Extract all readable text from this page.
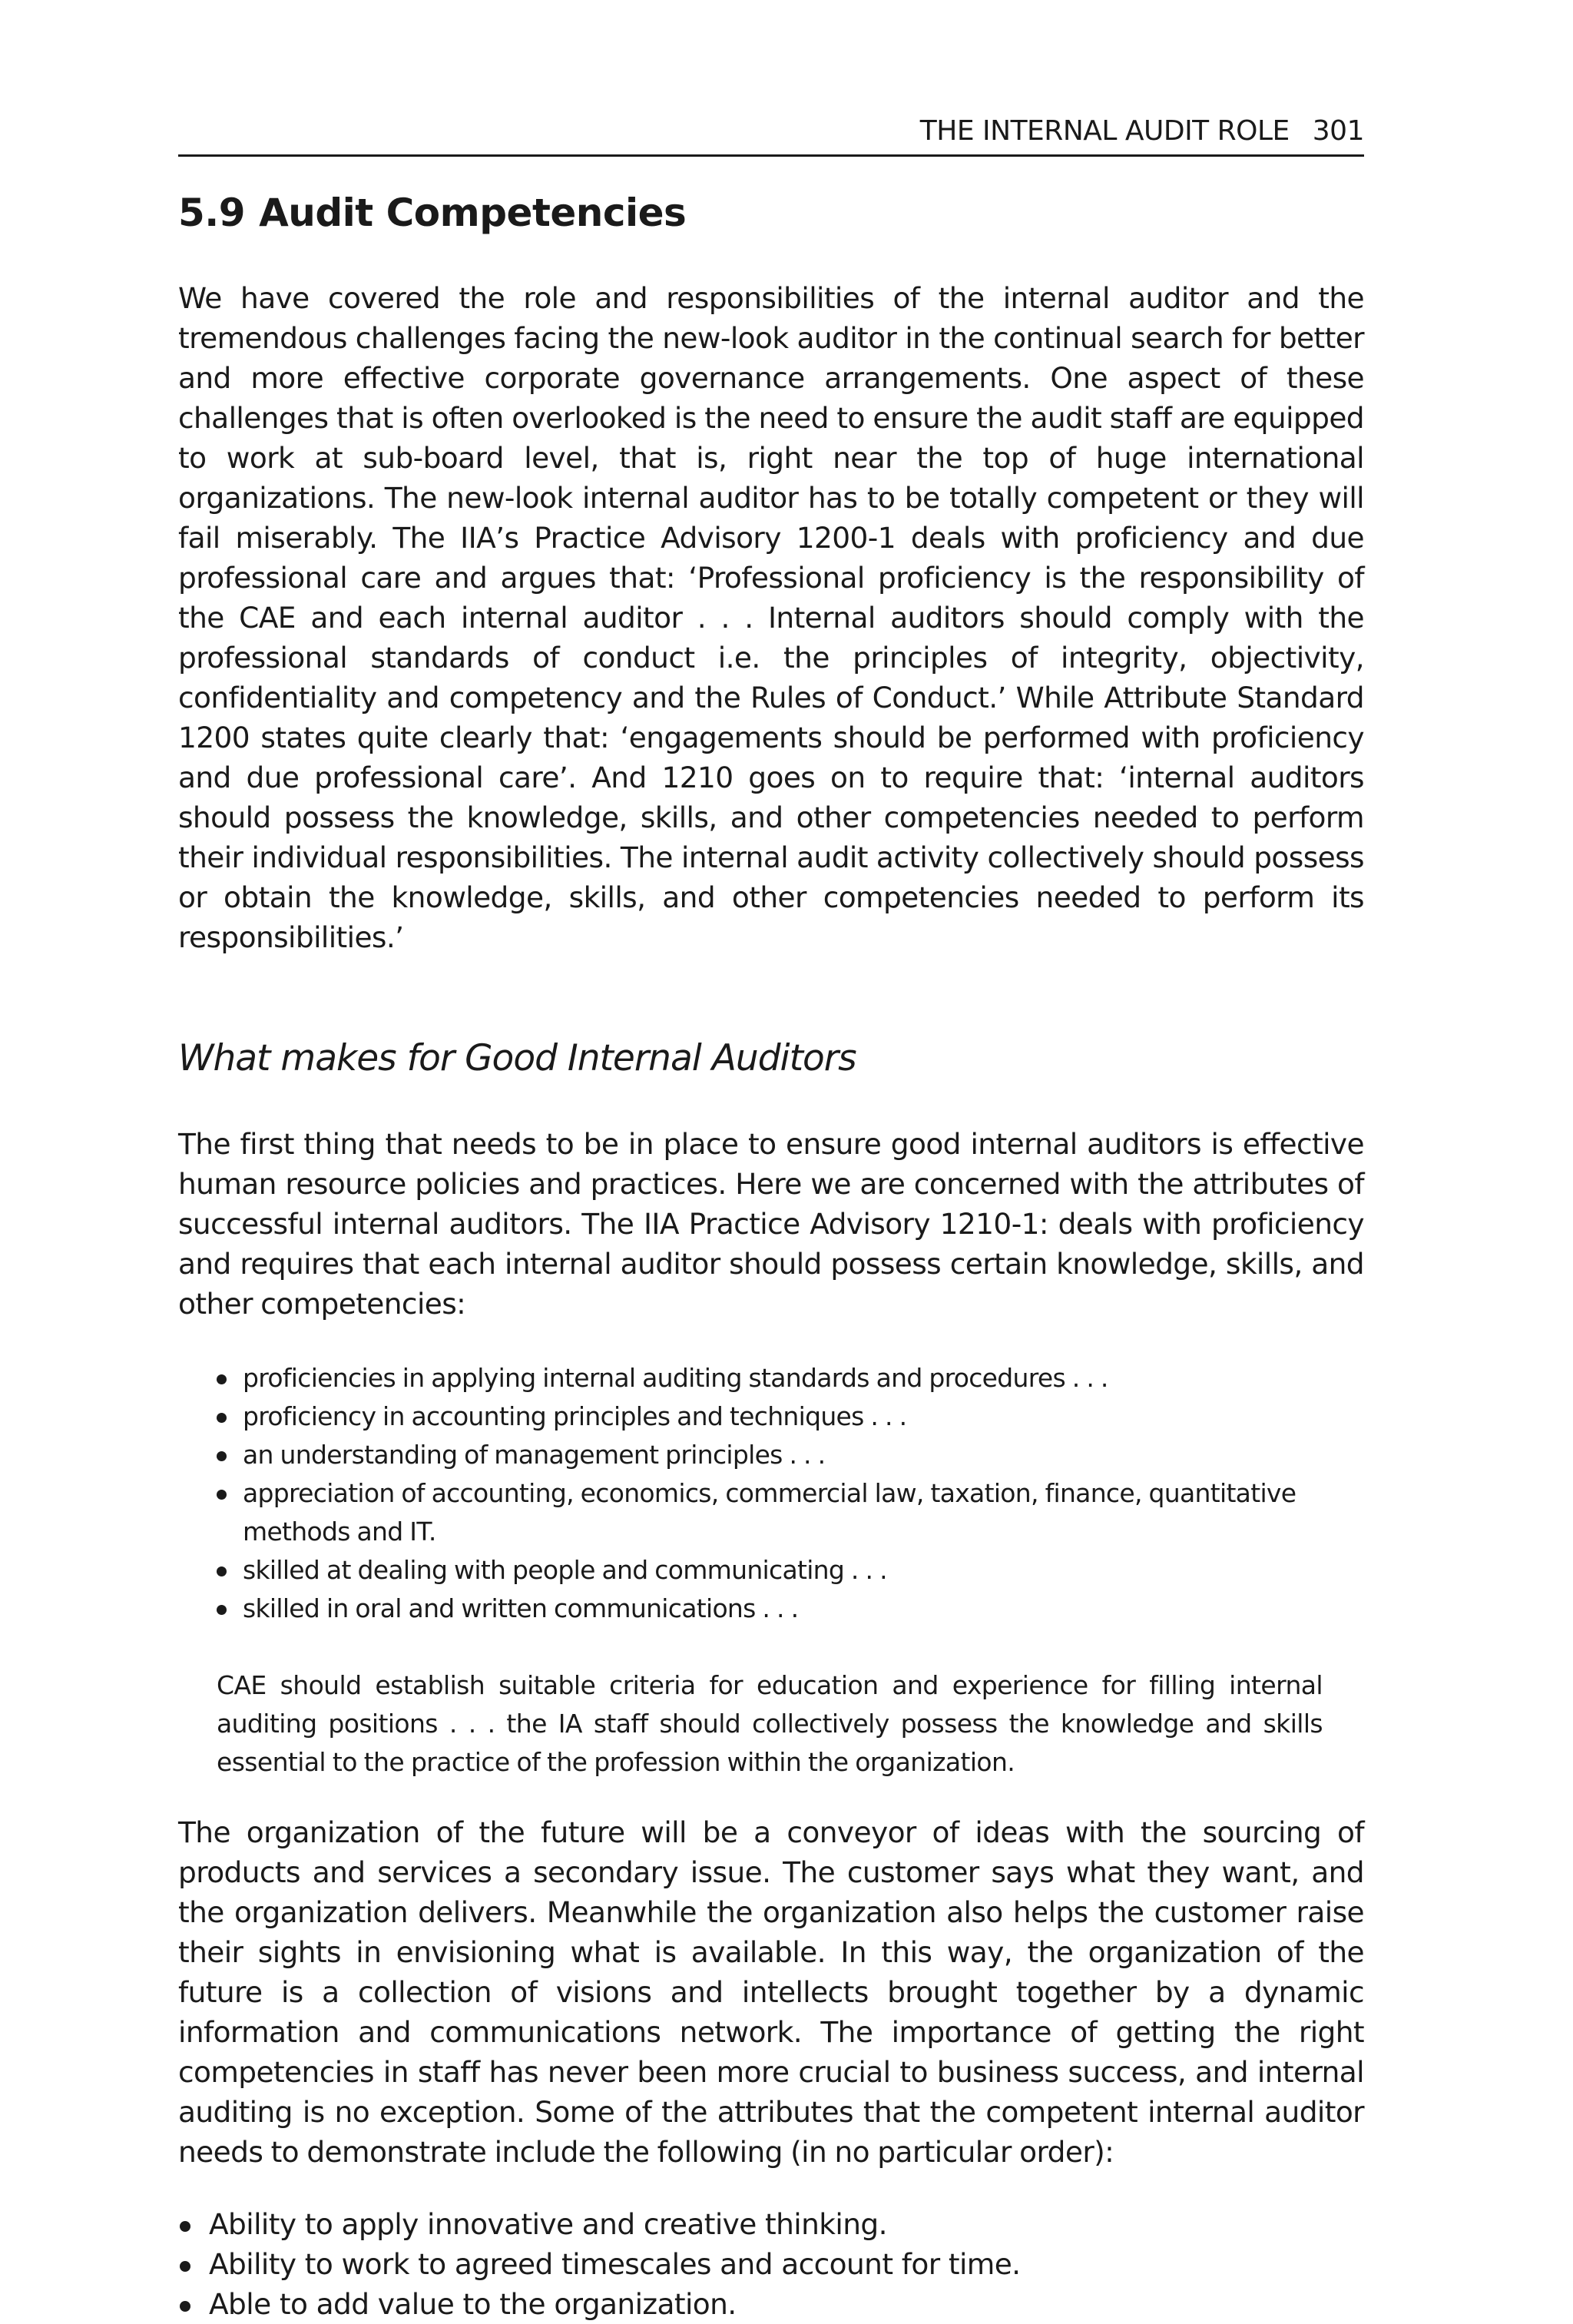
THE INTERNAL AUDIT ROLE 301
5.9 Audit Competencies

We have covered the role and responsibilities of the internal auditor and the tremendous challenges facing the new-look auditor in the continual search for better and more effective corporate governance arrangements. One aspect of these challenges that is often overlooked is the need to ensure the audit staff are equipped to work at sub-board level, that is, right near the top of huge international organizations. The new-look internal auditor has to be totally competent or they will fail miserably. The IIA’s Practice Advisory 1200-1 deals with proficiency and due professional care and argues that: ‘Professional proficiency is the responsibility of the CAE and each internal auditor . . . Internal auditors should comply with the professional standards of conduct i.e. the principles of integrity, objectivity, confidentiality and competency and the Rules of Conduct.’ While Attribute Standard 1200 states quite clearly that: ‘engagements should be performed with proficiency and due professional care’. And 1210 goes on to require that: ‘internal auditors should possess the knowledge, skills, and other competencies needed to perform their individual responsibilities. The internal audit activity collectively should possess or obtain the knowledge, skills, and other competencies needed to perform its responsibilities.’

What makes for Good Internal Auditors

The first thing that needs to be in place to ensure good internal auditors is effective human resource policies and practices. Here we are concerned with the attributes of successful internal auditors. The IIA Practice Advisory 1210-1: deals with proficiency and requires that each internal auditor should possess certain knowledge, skills, and other competencies:

proficiencies in applying internal auditing standards and procedures . . .
proficiency in accounting principles and techniques . . .
an understanding of management principles . . .
appreciation of accounting, economics, commercial law, taxation, finance, quantitative methods and IT.
skilled at dealing with people and communicating . . .
skilled in oral and written communications . . .
CAE should establish suitable criteria for education and experience for filling internal auditing positions . . . the IA staff should collectively possess the knowledge and skills essential to the practice of the profession within the organization.

The organization of the future will be a conveyor of ideas with the sourcing of products and services a secondary issue. The customer says what they want, and the organization delivers. Meanwhile the organization also helps the customer raise their sights in envisioning what is available. In this way, the organization of the future is a collection of visions and intellects brought together by a dynamic information and communications network. The importance of getting the right competencies in staff has never been more crucial to business success, and internal auditing is no exception. Some of the attributes that the competent internal auditor needs to demonstrate include the following (in no particular order):

Ability to apply innovative and creative thinking.
Ability to work to agreed timescales and account for time.
Able to add value to the organization.
